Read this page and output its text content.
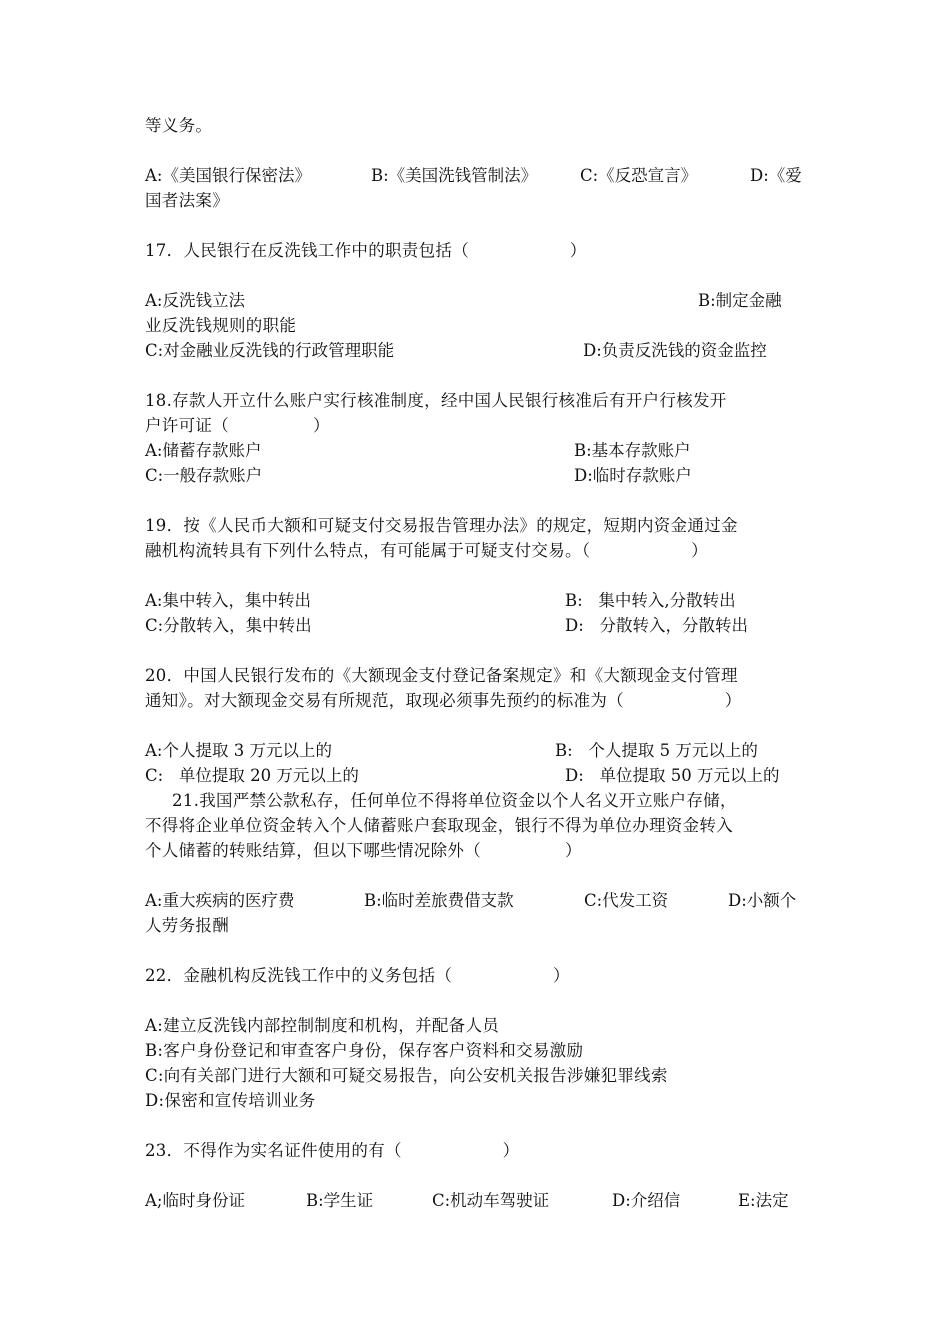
等义务。
A:《美国银行保密法》	B:《美国洗钱管制法》	C:《反恐宣言》	D:《爱
国者法案》
17．人民银行在反洗钱工作中的职责包括（　　　　　　）
A:反洗钱立法	B:制定金融
业反洗钱规则的职能
C:对金融业反洗钱的行政管理职能	D:负责反洗钱的资金监控
18.存款人开立什么账户实行核准制度，经中国人民银行核准后有开户行核发开
户许可证（　　　　　）
A:储蓄存款账户	B:基本存款账户
C:一般存款账户	D:临时存款账户
19．按《人民币大额和可疑支付交易报告管理办法》的规定，短期内资金通过金
融机构流转具有下列什么特点，有可能属于可疑支付交易。（　　　　　　）
A:集中转入，集中转出	B:   集中转入,分散转出
C:分散转入，集中转出	D:   分散转入，分散转出
20．中国人民银行发布的《大额现金支付登记备案规定》和《大额现金支付管理
通知》。对大额现金交易有所规范，取现必须事先预约的标准为（　　　　　　）
A:个人提取 3 万元以上的	B:   个人提取 5 万元以上的
C:   单位提取 20 万元以上的	D:   单位提取 50 万元以上的
21.我国严禁公款私存，任何单位不得将单位资金以个人名义开立账户存储，
不得将企业单位资金转入个人储蓄账户套取现金，银行不得为单位办理资金转入
个人储蓄的转账结算，但以下哪些情况除外（　　　　　）
A:重大疾病的医疗费	B:临时差旅费借支款	C:代发工资	D:小额个
人劳务报酬
22．金融机构反洗钱工作中的义务包括（　　　　　　）
A:建立反洗钱内部控制制度和机构，并配备人员
B:客户身份登记和审查客户身份，保存客户资料和交易激励
C:向有关部门进行大额和可疑交易报告，向公安机关报告涉嫌犯罪线索
D:保密和宣传培训业务
23．不得作为实名证件使用的有（　　　　　　）
A;临时身份证	B:学生证	C:机动车驾驶证	D:介绍信	E:法定
